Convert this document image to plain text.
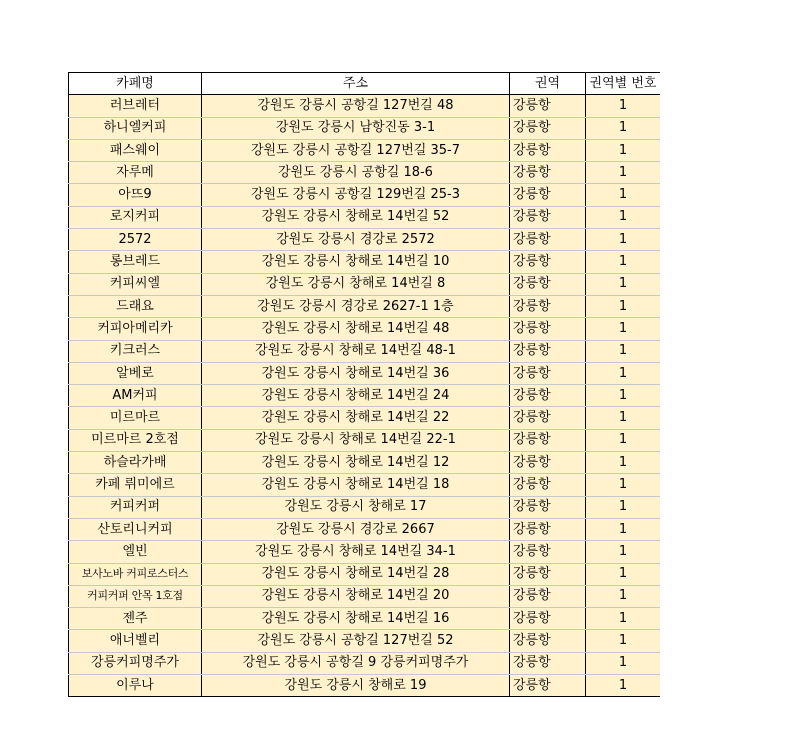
카페명	주소	권역	권역별 번호
러브레터	강원도 강릉시 공항길 127번길 48	강릉항	1
하니엘커피	강원도 강릉시 남항진동 3-1	강릉항	1
패스웨이	강원도 강릉시 공항길 127번길 35-7	강릉항	1
자루메	강원도 강릉시 공항길 18-6	강릉항	1
아뜨9	강원도 강릉시 공항길 129번길 25-3	강릉항	1
로지커피	강원도 강릉시 창해로 14번길 52	강릉항	1
2572	강원도 강릉시 경강로 2572	강릉항	1
롱브레드	강원도 강릉시 창해로 14번길 10	강릉항	1
커피씨엘	강원도 강릉시 창해로 14번길 8	강릉항	1
드래요	강원도 강릉시 경강로 2627-1 1층	강릉항	1
커피아메리카	강원도 강릉시 창해로 14번길 48	강릉항	1
키크러스	강원도 강릉시 창해로 14번길 48-1	강릉항	1
알베로	강원도 강릉시 창해로 14번길 36	강릉항	1
AM커피	강원도 강릉시 창해로 14번길 24	강릉항	1
미르마르	강원도 강릉시 창해로 14번길 22	강릉항	1
미르마르 2호점	강원도 강릉시 창해로 14번길 22-1	강릉항	1
하슬라가배	강원도 강릉시 창해로 14번길 12	강릉항	1
카페 뤼미에르	강원도 강릉시 창해로 14번길 18	강릉항	1
커피커퍼	강원도 강릉시 창해로 17	강릉항	1
산토리니커피	강원도 강릉시 경강로 2667	강릉항	1
엘빈	강원도 강릉시 창해로 14번길 34-1	강릉항	1
보사노바 커피로스터스	강원도 강릉시 창해로 14번길 28	강릉항	1
커피커퍼 안목 1호점	강원도 강릉시 창해로 14번길 20	강릉항	1
젠주	강원도 강릉시 창해로 14번길 16	강릉항	1
애너벨리	강원도 강릉시 공항길 127번길 52	강릉항	1
강릉커피명주가	강원도 강릉시 공항길 9 강릉커피명주가	강릉항	1
이루나	강원도 강릉시 창해로 19	강릉항	1
